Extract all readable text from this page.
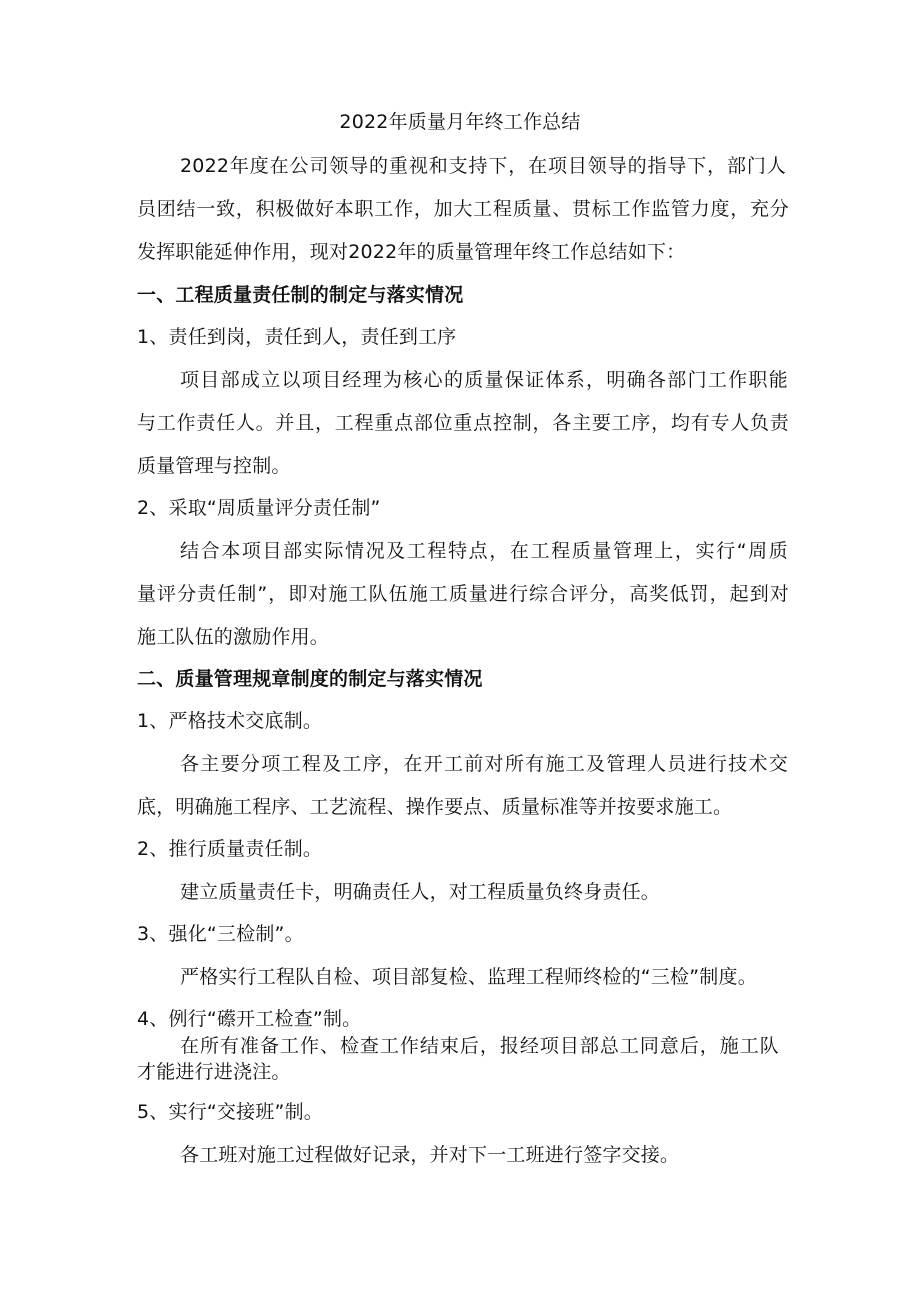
2022年质量月年终工作总结
2022年度在公司领导的重视和支持下，在项目领导的指导下，部门人
员团结一致，积极做好本职工作，加大工程质量、贯标工作监管力度，充分
发挥职能延伸作用，现对2022年的质量管理年终工作总结如下：
一、工程质量责任制的制定与落实情况
1、责任到岗，责任到人，责任到工序
项目部成立以项目经理为核心的质量保证体系，明确各部门工作职能
与工作责任人。并且，工程重点部位重点控制，各主要工序，均有专人负责
质量管理与控制。
2、采取“周质量评分责任制”
结合本项目部实际情况及工程特点，在工程质量管理上，实行“周质
量评分责任制”，即对施工队伍施工质量进行综合评分，高奖低罚，起到对
施工队伍的激励作用。
二、质量管理规章制度的制定与落实情况
1、严格技术交底制。
各主要分项工程及工序，在开工前对所有施工及管理人员进行技术交
底，明确施工程序、工艺流程、操作要点、质量标准等并按要求施工。
2、推行质量责任制。
建立质量责任卡，明确责任人，对工程质量负终身责任。
3、强化“三检制”。
严格实行工程队自检、项目部复检、监理工程师终检的“三检”制度。
4、例行“礤开工检查”制。
在所有准备工作、检查工作结束后，报经项目部总工同意后，施工队
才能进行进浇注。
5、实行“交接班”制。
各工班对施工过程做好记录，并对下一工班进行签字交接。
